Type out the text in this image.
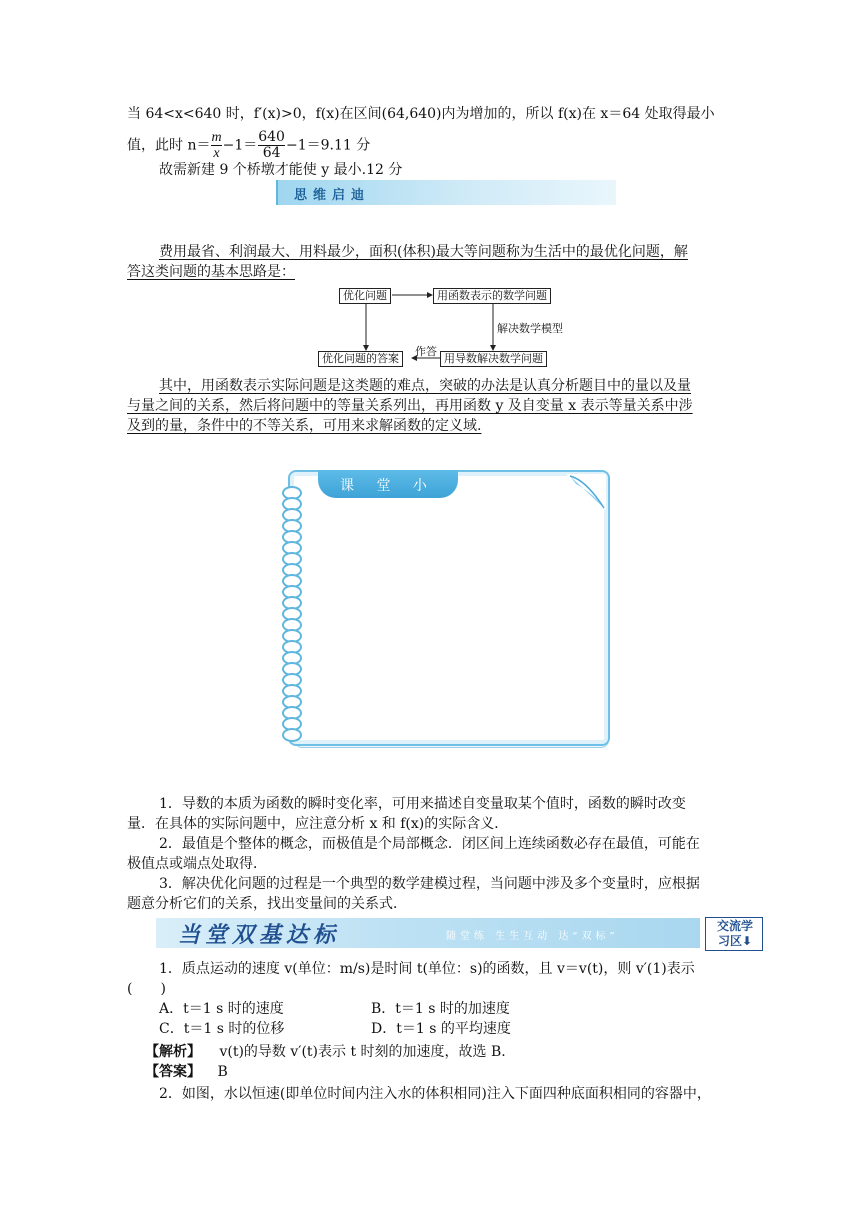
当 64<x<640 时，f′(x)>0，f(x)在区间(64,640)内为增加的，所以 f(x)在 x＝64 处取得最小
值，此时 $n= \frac{m}{x} -1= \frac{640}{64} -1=9.11$ 分
故需新建 9 个桥墩才能使 y 最小.12 分
思维启迪
费用最省、利润最大、用料最少，面积(体积)最大等问题称为生活中的最优化问题，解
答这类问题的基本思路是：
优化问题	用函数表示的数学问题
解决数学模型
优化问题的答案
作答
用导数解决数学问题
其中，用函数表示实际问题是这类题的难点，突破的办法是认真分析题目中的量以及量
与量之间的关系，然后将问题中的等量关系列出，再用函数 y 及自变量 x 表示等量关系中涉
及到的量，条件中的不等关系，可用来求解函数的定义域.
课 堂 小 结
1．导数的本质为函数的瞬时变化率，可用来描述自变量取某个值时，函数的瞬时改变
量．在具体的实际问题中，应注意分析 x 和 f(x)的实际含义．
2．最值是个整体的概念，而极值是个局部概念．闭区间上连续函数必存在最值，可能在
极值点或端点处取得．
3．解决优化问题的过程是一个典型的数学建模过程，当问题中涉及多个变量时，应根据
题意分析它们的关系，找出变量间的关系式．
当堂双基达标	随堂练 生生互动 达“双标”
交流学
习区⬇
1．质点运动的速度 v(单位：m/s)是时间 t(单位：s)的函数，且 v＝v(t)，则 v′(1)表示
(　　)
A．t＝1 s 时的速度	B．t＝1 s 时的加速度
C．t＝1 s 时的位移	D．t＝1 s 的平均速度
【解析】 v(t)的导数 v′(t)表示 t 时刻的加速度，故选 B.
【答案】 B
2．如图，水以恒速(即单位时间内注入水的体积相同)注入下面四种底面积相同的容器中，
